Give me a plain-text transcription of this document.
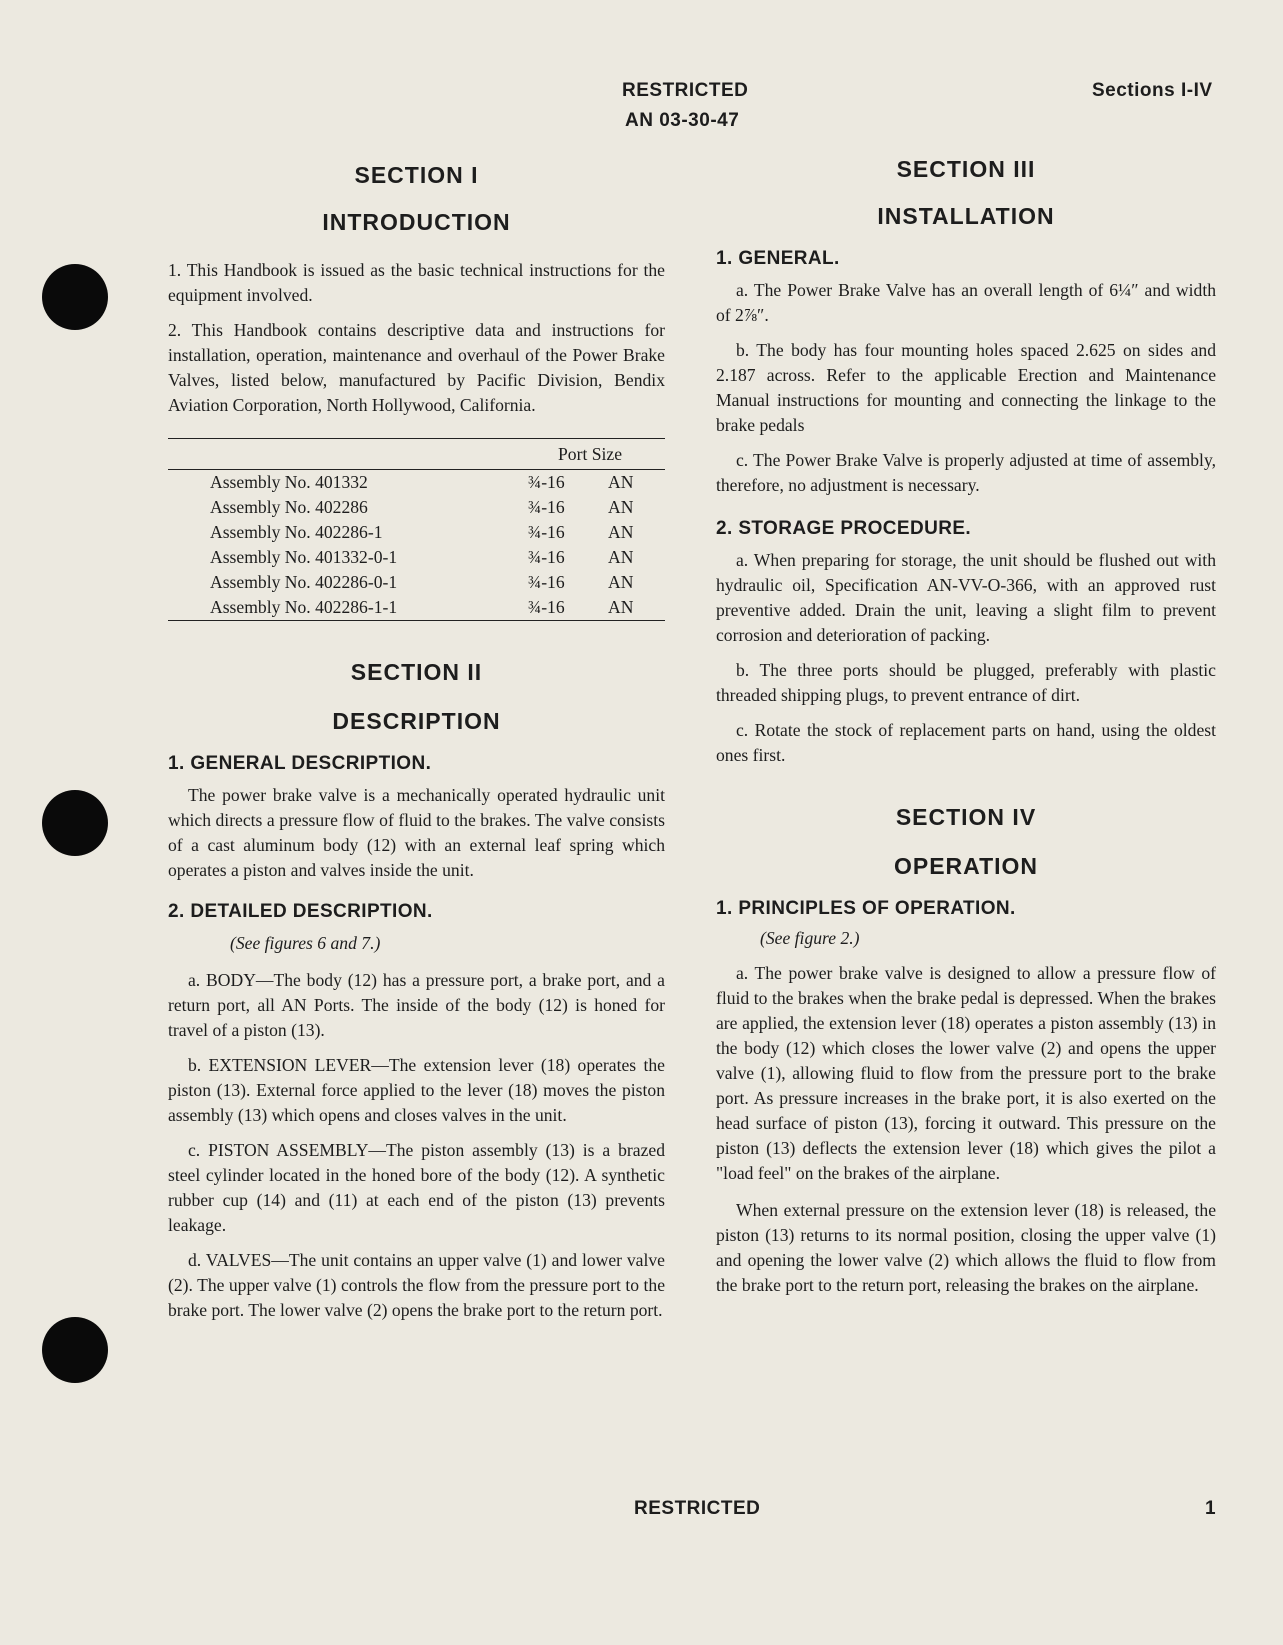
RESTRICTED
AN 03-30-47
Sections I-IV
SECTION I
INTRODUCTION

1. This Handbook is issued as the basic technical instructions for the equipment involved.

2. This Handbook contains descriptive data and instructions for installation, operation, maintenance and overhaul of the Power Brake Valves, listed below, manufactured by Pacific Division, Bendix Aviation Corporation, North Hollywood, California.

	Port Size	
Assembly No. 401332	¾-16	AN
Assembly No. 402286	¾-16	AN
Assembly No. 402286-1	¾-16	AN
Assembly No. 401332-0-1	¾-16	AN
Assembly No. 402286-0-1	¾-16	AN
Assembly No. 402286-1-1	¾-16	AN

SECTION II
DESCRIPTION
1. GENERAL DESCRIPTION.

The power brake valve is a mechanically operated hydraulic unit which directs a pressure flow of fluid to the brakes. The valve consists of a cast aluminum body (12) with an external leaf spring which operates a piston and valves inside the unit.

2. DETAILED DESCRIPTION.

(See figures 6 and 7.)

a. BODY—The body (12) has a pressure port, a brake port, and a return port, all AN Ports. The inside of the body (12) is honed for travel of a piston (13).

b. EXTENSION LEVER—The extension lever (18) operates the piston (13). External force applied to the lever (18) moves the piston assembly (13) which opens and closes valves in the unit.

c. PISTON ASSEMBLY—The piston assembly (13) is a brazed steel cylinder located in the honed bore of the body (12). A synthetic rubber cup (14) and (11) at each end of the piston (13) prevents leakage.

d. VALVES—The unit contains an upper valve (1) and lower valve (2). The upper valve (1) controls the flow from the pressure port to the brake port. The lower valve (2) opens the brake port to the return port.

SECTION III
INSTALLATION
1. GENERAL.

a. The Power Brake Valve has an overall length of 6¼″ and width of 2⅞″.

b. The body has four mounting holes spaced 2.625 on sides and 2.187 across. Refer to the applicable Erection and Maintenance Manual instructions for mounting and connecting the linkage to the brake pedals

c. The Power Brake Valve is properly adjusted at time of assembly, therefore, no adjustment is necessary.

2. STORAGE PROCEDURE.

a. When preparing for storage, the unit should be flushed out with hydraulic oil, Specification AN-VV-O-366, with an approved rust preventive added. Drain the unit, leaving a slight film to prevent corrosion and deterioration of packing.

b. The three ports should be plugged, preferably with plastic threaded shipping plugs, to prevent entrance of dirt.

c. Rotate the stock of replacement parts on hand, using the oldest ones first.

SECTION IV
OPERATION
1. PRINCIPLES OF OPERATION.

(See figure 2.)

a. The power brake valve is designed to allow a pressure flow of fluid to the brakes when the brake pedal is depressed. When the brakes are applied, the extension lever (18) operates a piston assembly (13) in the body (12) which closes the lower valve (2) and opens the upper valve (1), allowing fluid to flow from the pressure port to the brake port. As pressure increases in the brake port, it is also exerted on the head surface of piston (13), forcing it outward. This pressure on the piston (13) deflects the extension lever (18) which gives the pilot a "load feel" on the brakes of the airplane.

When external pressure on the extension lever (18) is released, the piston (13) returns to its normal position, closing the upper valve (1) and opening the lower valve (2) which allows the fluid to flow from the brake port to the return port, releasing the brakes on the airplane.

RESTRICTED	1
